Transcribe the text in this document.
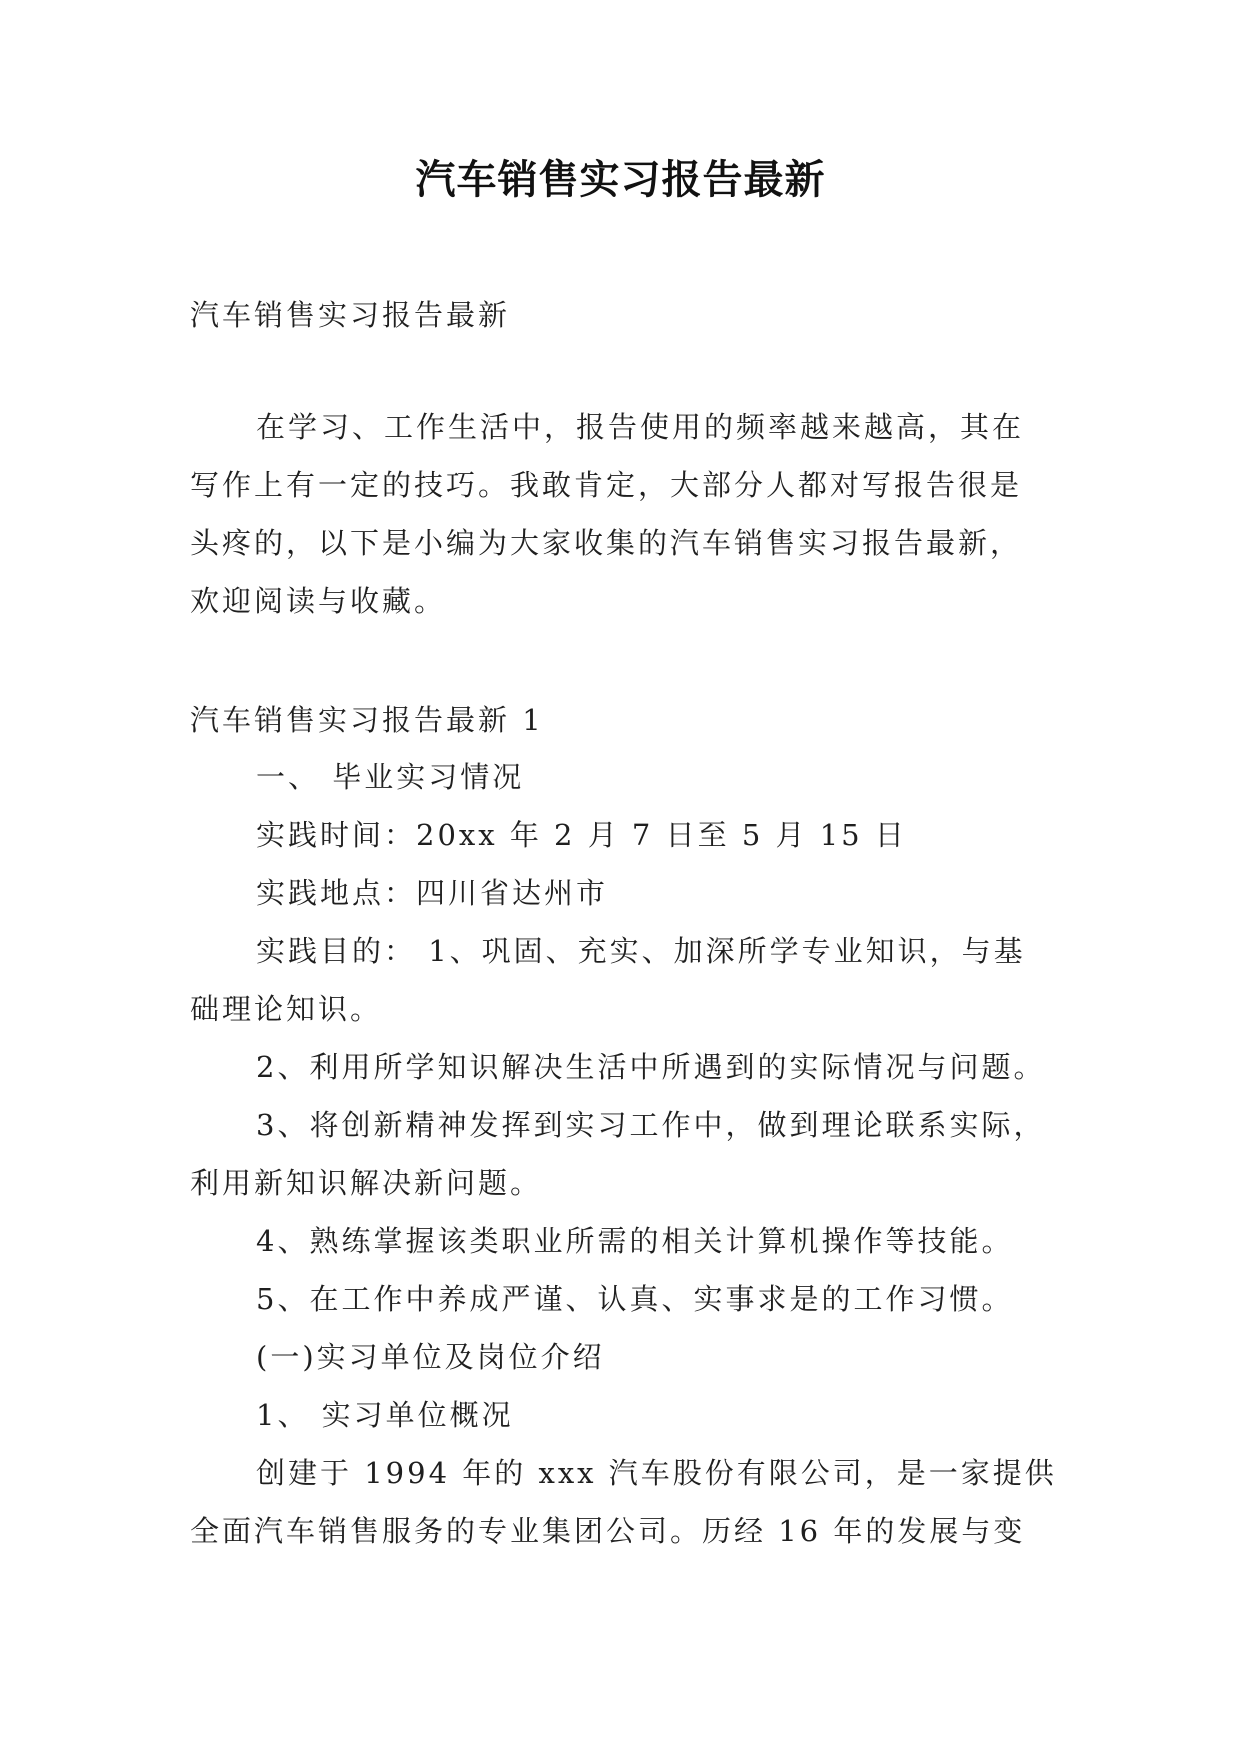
汽车销售实习报告最新
汽车销售实习报告最新
在学习、工作生活中，报告使用的频率越来越高，其在
写作上有一定的技巧。我敢肯定，大部分人都对写报告很是
头疼的，以下是小编为大家收集的汽车销售实习报告最新，
欢迎阅读与收藏。
汽车销售实习报告最新 1
一、 毕业实习情况
实践时间：20xx 年 2 月 7 日至 5 月 15 日
实践地点：四川省达州市
实践目的： 1、巩固、充实、加深所学专业知识，与基
础理论知识。
2、利用所学知识解决生活中所遇到的实际情况与问题。
3、将创新精神发挥到实习工作中，做到理论联系实际，
利用新知识解决新问题。
4、熟练掌握该类职业所需的相关计算机操作等技能。
5、在工作中养成严谨、认真、实事求是的工作习惯。
(一)实习单位及岗位介绍
1、 实习单位概况
创建于 1994 年的 xxx 汽车股份有限公司，是一家提供
全面汽车销售服务的专业集团公司。历经 16 年的发展与变
